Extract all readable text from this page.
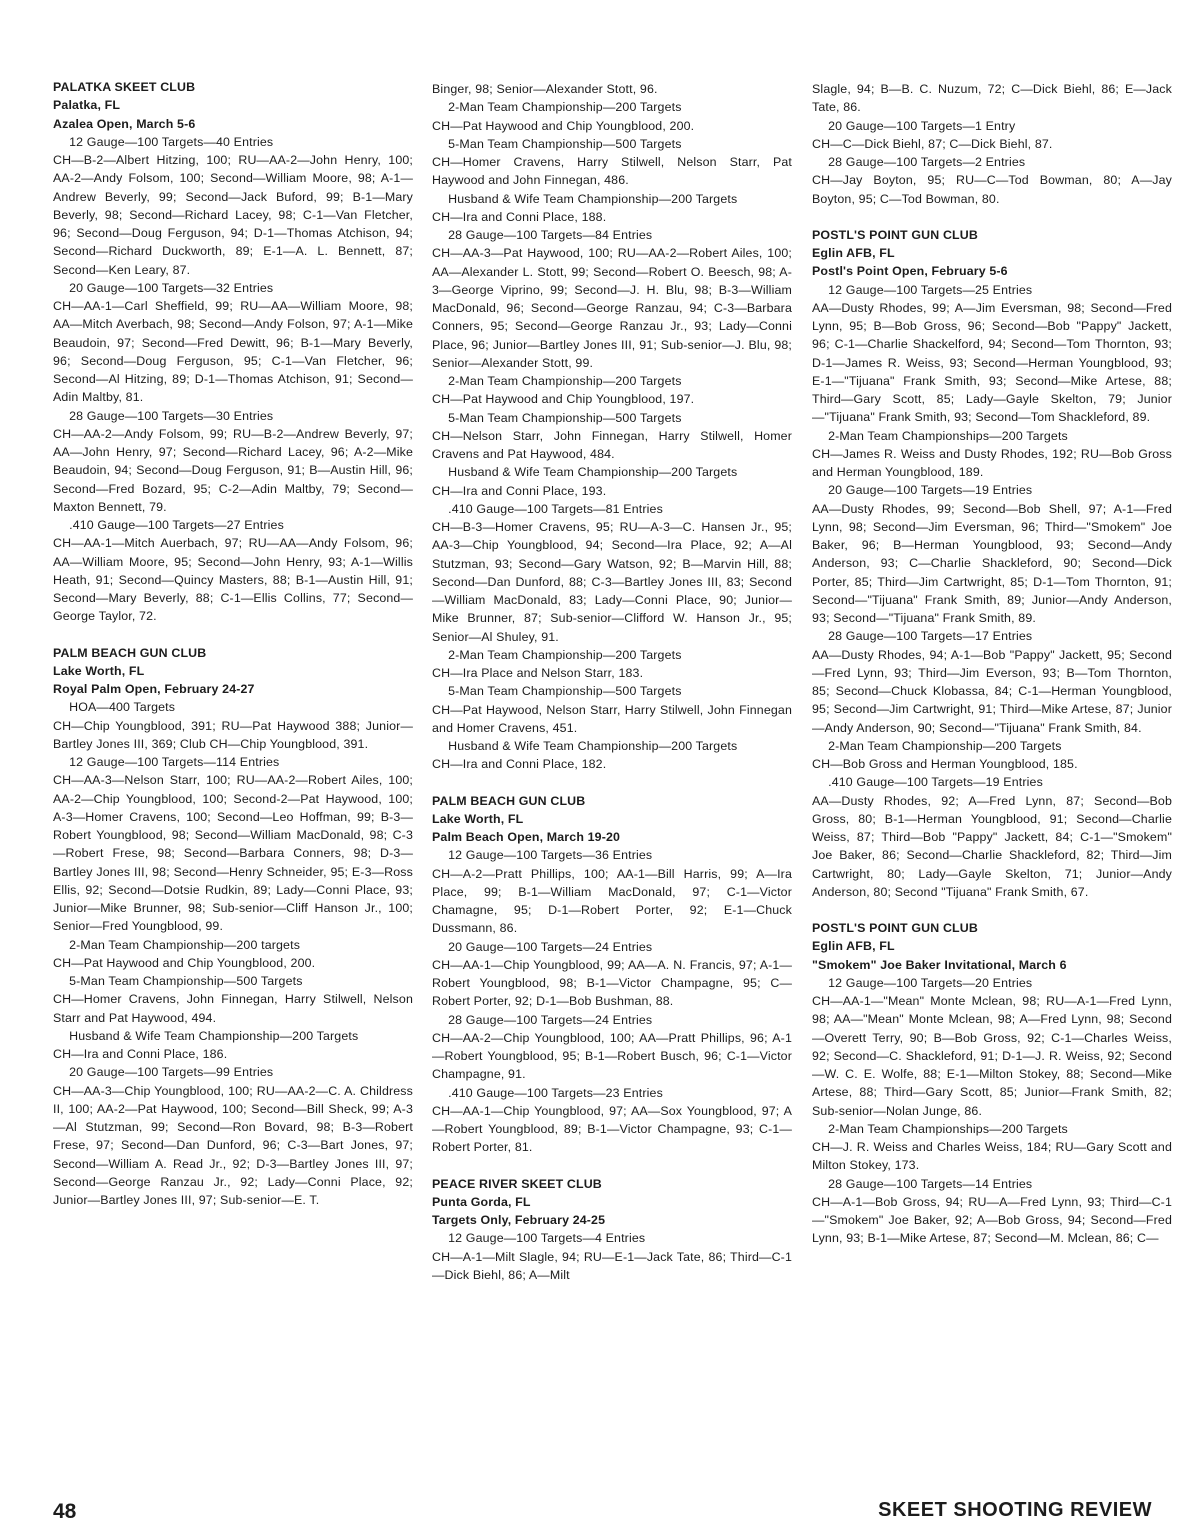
PALATKA SKEET CLUB

Palatka, FL

Azalea Open, March 5-6

12 Gauge—100 Targets—40 Entries

CH—B-2—Albert Hitzing, 100; RU—AA-2—John Henry, 100; AA-2—Andy Folsom, 100; Second—William Moore, 98; A-1—Andrew Beverly, 99; Second—Jack Buford, 99; B-1—Mary Beverly, 98; Second—Richard Lacey, 98; C-1—Van Fletcher, 96; Second—Doug Ferguson, 94; D-1—Thomas Atchison, 94; Second—Richard Duckworth, 89; E-1—A. L. Bennett, 87; Second—Ken Leary, 87.

20 Gauge—100 Targets—32 Entries

CH—AA-1—Carl Sheffield, 99; RU—AA—William Moore, 98; AA—Mitch Averbach, 98; Second—Andy Folson, 97; A-1—Mike Beaudoin, 97; Second—Fred Dewitt, 96; B-1—Mary Beverly, 96; Second—Doug Ferguson, 95; C-1—Van Fletcher, 96; Second—Al Hitzing, 89; D-1—Thomas Atchison, 91; Second—Adin Maltby, 81.

28 Gauge—100 Targets—30 Entries

CH—AA-2—Andy Folsom, 99; RU—B-2—Andrew Beverly, 97; AA—John Henry, 97; Second—Richard Lacey, 96; A-2—Mike Beaudoin, 94; Second—Doug Ferguson, 91; B—Austin Hill, 96; Second—Fred Bozard, 95; C-2—Adin Maltby, 79; Second—Maxton Bennett, 79.

.410 Gauge—100 Targets—27 Entries

CH—AA-1—Mitch Auerbach, 97; RU—AA—Andy Folsom, 96; AA—William Moore, 95; Second—John Henry, 93; A-1—Willis Heath, 91; Second—Quincy Masters, 88; B-1—Austin Hill, 91; Second—Mary Beverly, 88; C-1—Ellis Collins, 77; Second—George Taylor, 72.

PALM BEACH GUN CLUB

Lake Worth, FL

Royal Palm Open, February 24-27

HOA—400 Targets

CH—Chip Youngblood, 391; RU—Pat Haywood 388; Junior—Bartley Jones III, 369; Club CH—Chip Youngblood, 391.

12 Gauge—100 Targets—114 Entries

CH—AA-3—Nelson Starr, 100; RU—AA-2—Robert Ailes, 100; AA-2—Chip Youngblood, 100; Second-2—Pat Haywood, 100; A-3—Homer Cravens, 100; Second—Leo Hoffman, 99; B-3—Robert Youngblood, 98; Second—William MacDonald, 98; C-3—Robert Frese, 98; Second—Barbara Conners, 98; D-3—Bartley Jones III, 98; Second—Henry Schneider, 95; E-3—Ross Ellis, 92; Second—Dotsie Rudkin, 89; Lady—Conni Place, 93; Junior—Mike Brunner, 98; Sub-senior—Cliff Hanson Jr., 100; Senior—Fred Youngblood, 99.

2-Man Team Championship—200 targets

CH—Pat Haywood and Chip Youngblood, 200.

5-Man Team Championship—500 Targets

CH—Homer Cravens, John Finnegan, Harry Stilwell, Nelson Starr and Pat Haywood, 494.

Husband & Wife Team Championship—200 Targets

CH—Ira and Conni Place, 186.

20 Gauge—100 Targets—99 Entries

CH—AA-3—Chip Youngblood, 100; RU—AA-2—C. A. Childress II, 100; AA-2—Pat Haywood, 100; Second—Bill Sheck, 99; A-3—Al Stutzman, 99; Second—Ron Bovard, 98; B-3—Robert Frese, 97; Second—Dan Dunford, 96; C-3—Bart Jones, 97; Second—William A. Read Jr., 92; D-3—Bartley Jones III, 97; Second—George Ranzau Jr., 92; Lady—Conni Place, 92; Junior—Bartley Jones III, 97; Sub-senior—E. T.

Binger, 98; Senior—Alexander Stott, 96.

2-Man Team Championship—200 Targets

CH—Pat Haywood and Chip Youngblood, 200.

5-Man Team Championship—500 Targets

CH—Homer Cravens, Harry Stilwell, Nelson Starr, Pat Haywood and John Finnegan, 486.

Husband & Wife Team Championship—200 Targets

CH—Ira and Conni Place, 188.

28 Gauge—100 Targets—84 Entries

CH—AA-3—Pat Haywood, 100; RU—AA-2—Robert Ailes, 100; AA—Alexander L. Stott, 99; Second—Robert O. Beesch, 98; A-3—George Viprino, 99; Second—J. H. Blu, 98; B-3—William MacDonald, 96; Second—George Ranzau, 94; C-3—Barbara Conners, 95; Second—George Ranzau Jr., 93; Lady—Conni Place, 96; Junior—Bartley Jones III, 91; Sub-senior—J. Blu, 98; Senior—Alexander Stott, 99.

2-Man Team Championship—200 Targets

CH—Pat Haywood and Chip Youngblood, 197.

5-Man Team Championship—500 Targets

CH—Nelson Starr, John Finnegan, Harry Stilwell, Homer Cravens and Pat Haywood, 484.

Husband & Wife Team Championship—200 Targets

CH—Ira and Conni Place, 193.

.410 Gauge—100 Targets—81 Entries

CH—B-3—Homer Cravens, 95; RU—A-3—C. Hansen Jr., 95; AA-3—Chip Youngblood, 94; Second—Ira Place, 92; A—Al Stutzman, 93; Second—Gary Watson, 92; B—Marvin Hill, 88; Second—Dan Dunford, 88; C-3—Bartley Jones III, 83; Second—William MacDonald, 83; Lady—Conni Place, 90; Junior—Mike Brunner, 87; Sub-senior—Clifford W. Hanson Jr., 95; Senior—Al Shuley, 91.

2-Man Team Championship—200 Targets

CH—Ira Place and Nelson Starr, 183.

5-Man Team Championship—500 Targets

CH—Pat Haywood, Nelson Starr, Harry Stilwell, John Finnegan and Homer Cravens, 451.

Husband & Wife Team Championship—200 Targets

CH—Ira and Conni Place, 182.

PALM BEACH GUN CLUB

Lake Worth, FL

Palm Beach Open, March 19-20

12 Gauge—100 Targets—36 Entries

CH—A-2—Pratt Phillips, 100; AA-1—Bill Harris, 99; A—Ira Place, 99; B-1—William MacDonald, 97; C-1—Victor Chamagne, 95; D-1—Robert Porter, 92; E-1—Chuck Dussmann, 86.

20 Gauge—100 Targets—24 Entries

CH—AA-1—Chip Youngblood, 99; AA—A. N. Francis, 97; A-1—Robert Youngblood, 98; B-1—Victor Champagne, 95; C—Robert Porter, 92; D-1—Bob Bushman, 88.

28 Gauge—100 Targets—24 Entries

CH—AA-2—Chip Youngblood, 100; AA—Pratt Phillips, 96; A-1—Robert Youngblood, 95; B-1—Robert Busch, 96; C-1—Victor Champagne, 91.

.410 Gauge—100 Targets—23 Entries

CH—AA-1—Chip Youngblood, 97; AA—Sox Youngblood, 97; A—Robert Youngblood, 89; B-1—Victor Champagne, 93; C-1—Robert Porter, 81.

PEACE RIVER SKEET CLUB

Punta Gorda, FL

Targets Only, February 24-25

12 Gauge—100 Targets—4 Entries

CH—A-1—Milt Slagle, 94; RU—E-1—Jack Tate, 86; Third—C-1—Dick Biehl, 86; A—Milt

Slagle, 94; B—B. C. Nuzum, 72; C—Dick Biehl, 86; E—Jack Tate, 86.

20 Gauge—100 Targets—1 Entry

CH—C—Dick Biehl, 87; C—Dick Biehl, 87.

28 Gauge—100 Targets—2 Entries

CH—Jay Boyton, 95; RU—C—Tod Bowman, 80; A—Jay Boyton, 95; C—Tod Bowman, 80.

POSTL'S POINT GUN CLUB

Eglin AFB, FL

Postl's Point Open, February 5-6

12 Gauge—100 Targets—25 Entries

AA—Dusty Rhodes, 99; A—Jim Eversman, 98; Second—Fred Lynn, 95; B—Bob Gross, 96; Second—Bob "Pappy" Jackett, 96; C-1—Charlie Shackelford, 94; Second—Tom Thornton, 93; D-1—James R. Weiss, 93; Second—Herman Youngblood, 93; E-1—"Tijuana" Frank Smith, 93; Second—Mike Artese, 88; Third—Gary Scott, 85; Lady—Gayle Skelton, 79; Junior—"Tijuana" Frank Smith, 93; Second—Tom Shackleford, 89.

2-Man Team Championships—200 Targets

CH—James R. Weiss and Dusty Rhodes, 192; RU—Bob Gross and Herman Youngblood, 189.

20 Gauge—100 Targets—19 Entries

AA—Dusty Rhodes, 99; Second—Bob Shell, 97; A-1—Fred Lynn, 98; Second—Jim Eversman, 96; Third—"Smokem" Joe Baker, 96; B—Herman Youngblood, 93; Second—Andy Anderson, 93; C—Charlie Shackleford, 90; Second—Dick Porter, 85; Third—Jim Cartwright, 85; D-1—Tom Thornton, 91; Second—"Tijuana" Frank Smith, 89; Junior—Andy Anderson, 93; Second—"Tijuana" Frank Smith, 89.

28 Gauge—100 Targets—17 Entries

AA—Dusty Rhodes, 94; A-1—Bob "Pappy" Jackett, 95; Second—Fred Lynn, 93; Third—Jim Everson, 93; B—Tom Thornton, 85; Second—Chuck Klobassa, 84; C-1—Herman Youngblood, 95; Second—Jim Cartwright, 91; Third—Mike Artese, 87; Junior—Andy Anderson, 90; Second—"Tijuana" Frank Smith, 84.

2-Man Team Championship—200 Targets

CH—Bob Gross and Herman Youngblood, 185.

.410 Gauge—100 Targets—19 Entries

AA—Dusty Rhodes, 92; A—Fred Lynn, 87; Second—Bob Gross, 80; B-1—Herman Youngblood, 91; Second—Charlie Weiss, 87; Third—Bob "Pappy" Jackett, 84; C-1—"Smokem" Joe Baker, 86; Second—Charlie Shackleford, 82; Third—Jim Cartwright, 80; Lady—Gayle Skelton, 71; Junior—Andy Anderson, 80; Second "Tijuana" Frank Smith, 67.

POSTL'S POINT GUN CLUB

Eglin AFB, FL

"Smokem" Joe Baker Invitational, March 6

12 Gauge—100 Targets—20 Entries

CH—AA-1—"Mean" Monte Mclean, 98; RU—A-1—Fred Lynn, 98; AA—"Mean" Monte Mclean, 98; A—Fred Lynn, 98; Second—Overett Terry, 90; B—Bob Gross, 92; C-1—Charles Weiss, 92; Second—C. Shackleford, 91; D-1—J. R. Weiss, 92; Second—W. C. E. Wolfe, 88; E-1—Milton Stokey, 88; Second—Mike Artese, 88; Third—Gary Scott, 85; Junior—Frank Smith, 82; Sub-senior—Nolan Junge, 86.

2-Man Team Championships—200 Targets

CH—J. R. Weiss and Charles Weiss, 184; RU—Gary Scott and Milton Stokey, 173.

28 Gauge—100 Targets—14 Entries

CH—A-1—Bob Gross, 94; RU—A—Fred Lynn, 93; Third—C-1—"Smokem" Joe Baker, 92; A—Bob Gross, 94; Second—Fred Lynn, 93; B-1—Mike Artese, 87; Second—M. Mclean, 86; C—

48	SKEET SHOOTING REVIEW
